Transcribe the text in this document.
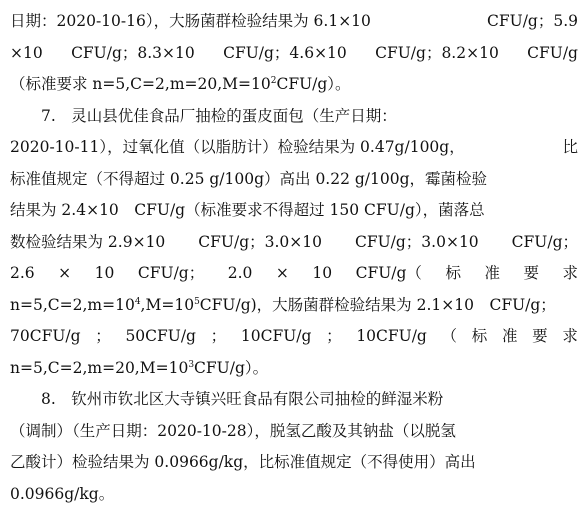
日期：2020-10-16），大肠菌群检验结果为 6.1×10	CFU/g；5.9
×10 CFU/g；8.3×10 CFU/g；4.6×10 CFU/g；8.2×10 CFU/g
（标准要求 $n=5,C=2,m=20,M=10^2CFU/g$）。
7.　灵山县优佳食品厂抽检的蛋皮面包（生产日期：
2020-10-11），过氧化值（以脂肪计）检验结果为 0.47g/100g，	比
标准值规定（不得超过 0.25 g/100g）高出 0.22 g/100g，霉菌检验
结果为 2.4×10　CFU/g（标准要求不得超过 150 CFU/g），菌落总
数检验结果为 2.9×10 CFU/g；3.0×10 CFU/g；3.0×10 CFU/g；
2.6 × 10 CFU/g； 2.0 × 10 CFU/g（ 标 准 要 求
$n=5,C=2,m=10^4,M=10^5CFU/g$)，大肠菌群检验结果为 2.1×10　CFU/g；
70CFU/g ； 50CFU/g ； 10CFU/g ； 10CFU/g （ 标 准 要 求
$n=5,C=2,m=20,M=10^3CFU/g$）。
8.　钦州市钦北区大寺镇兴旺食品有限公司抽检的鲜湿米粉
（调制）（生产日期：2020-10-28），脱氢乙酸及其钠盐（以脱氢
乙酸计）检验结果为 0.0966g/kg，比标准值规定（不得使用）高出
0.0966g/kg。
